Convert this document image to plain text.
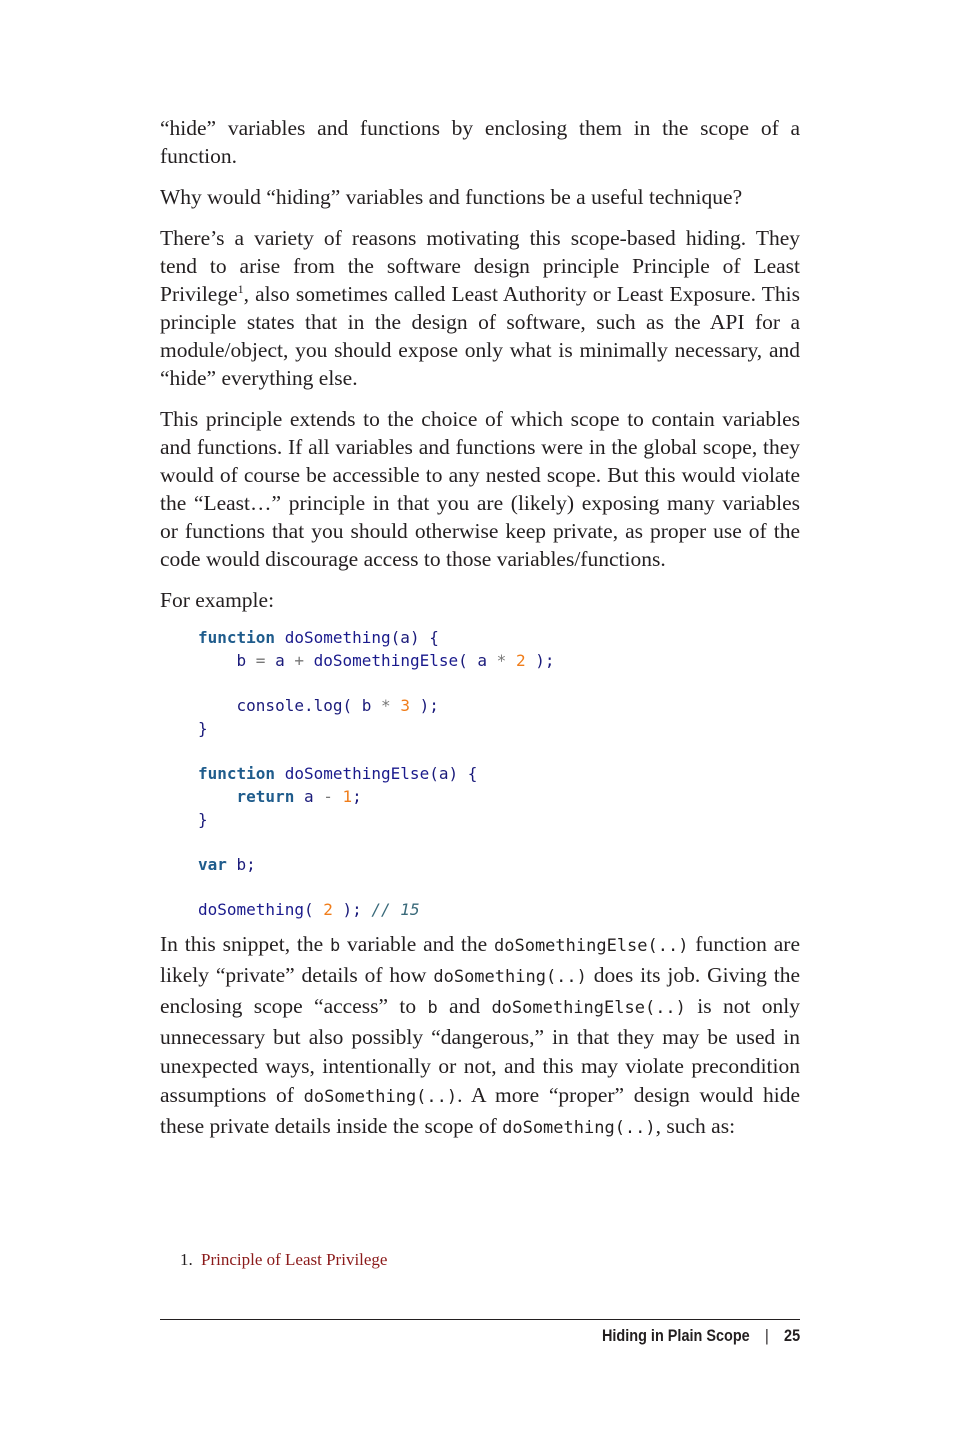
“hide” variables and functions by enclosing them in the scope of a function.

Why would “hiding” variables and functions be a useful technique?

There’s a variety of reasons motivating this scope-based hiding. They tend to arise from the software design principle Principle of Least Privilege$^1$, also sometimes called Least Authority or Least Exposure. This principle states that in the design of software, such as the API for a module/object, you should expose only what is minimally necessary, and “hide” everything else.

This principle extends to the choice of which scope to contain variables and functions. If all variables and functions were in the global scope, they would of course be accessible to any nested scope. But this would violate the “Least…” principle in that you are (likely) exposing many variables or functions that you should otherwise keep private, as proper use of the code would discourage access to those variables/functions.

For example:

function doSomething(a) {
b = a + doSomethingElse( a * 2 );

console.log( b * 3 );
}

function doSomethingElse(a) {
return a - 1;
}

var b;

doSomething( 2 ); // 15

In this snippet, the b variable and the doSomethingElse(..) function are likely “private” details of how doSomething(..) does its job. Giving the enclosing scope “access” to b and doSomethingElse(..) is not only unnecessary but also possibly “dangerous,” in that they may be used in unexpected ways, intentionally or not, and this may violate precondition assumptions of doSomething(..). A more “proper” design would hide these private details inside the scope of doSomething(..), such as:

1. Principle of Least Privilege
Hiding in Plain Scope | 25
